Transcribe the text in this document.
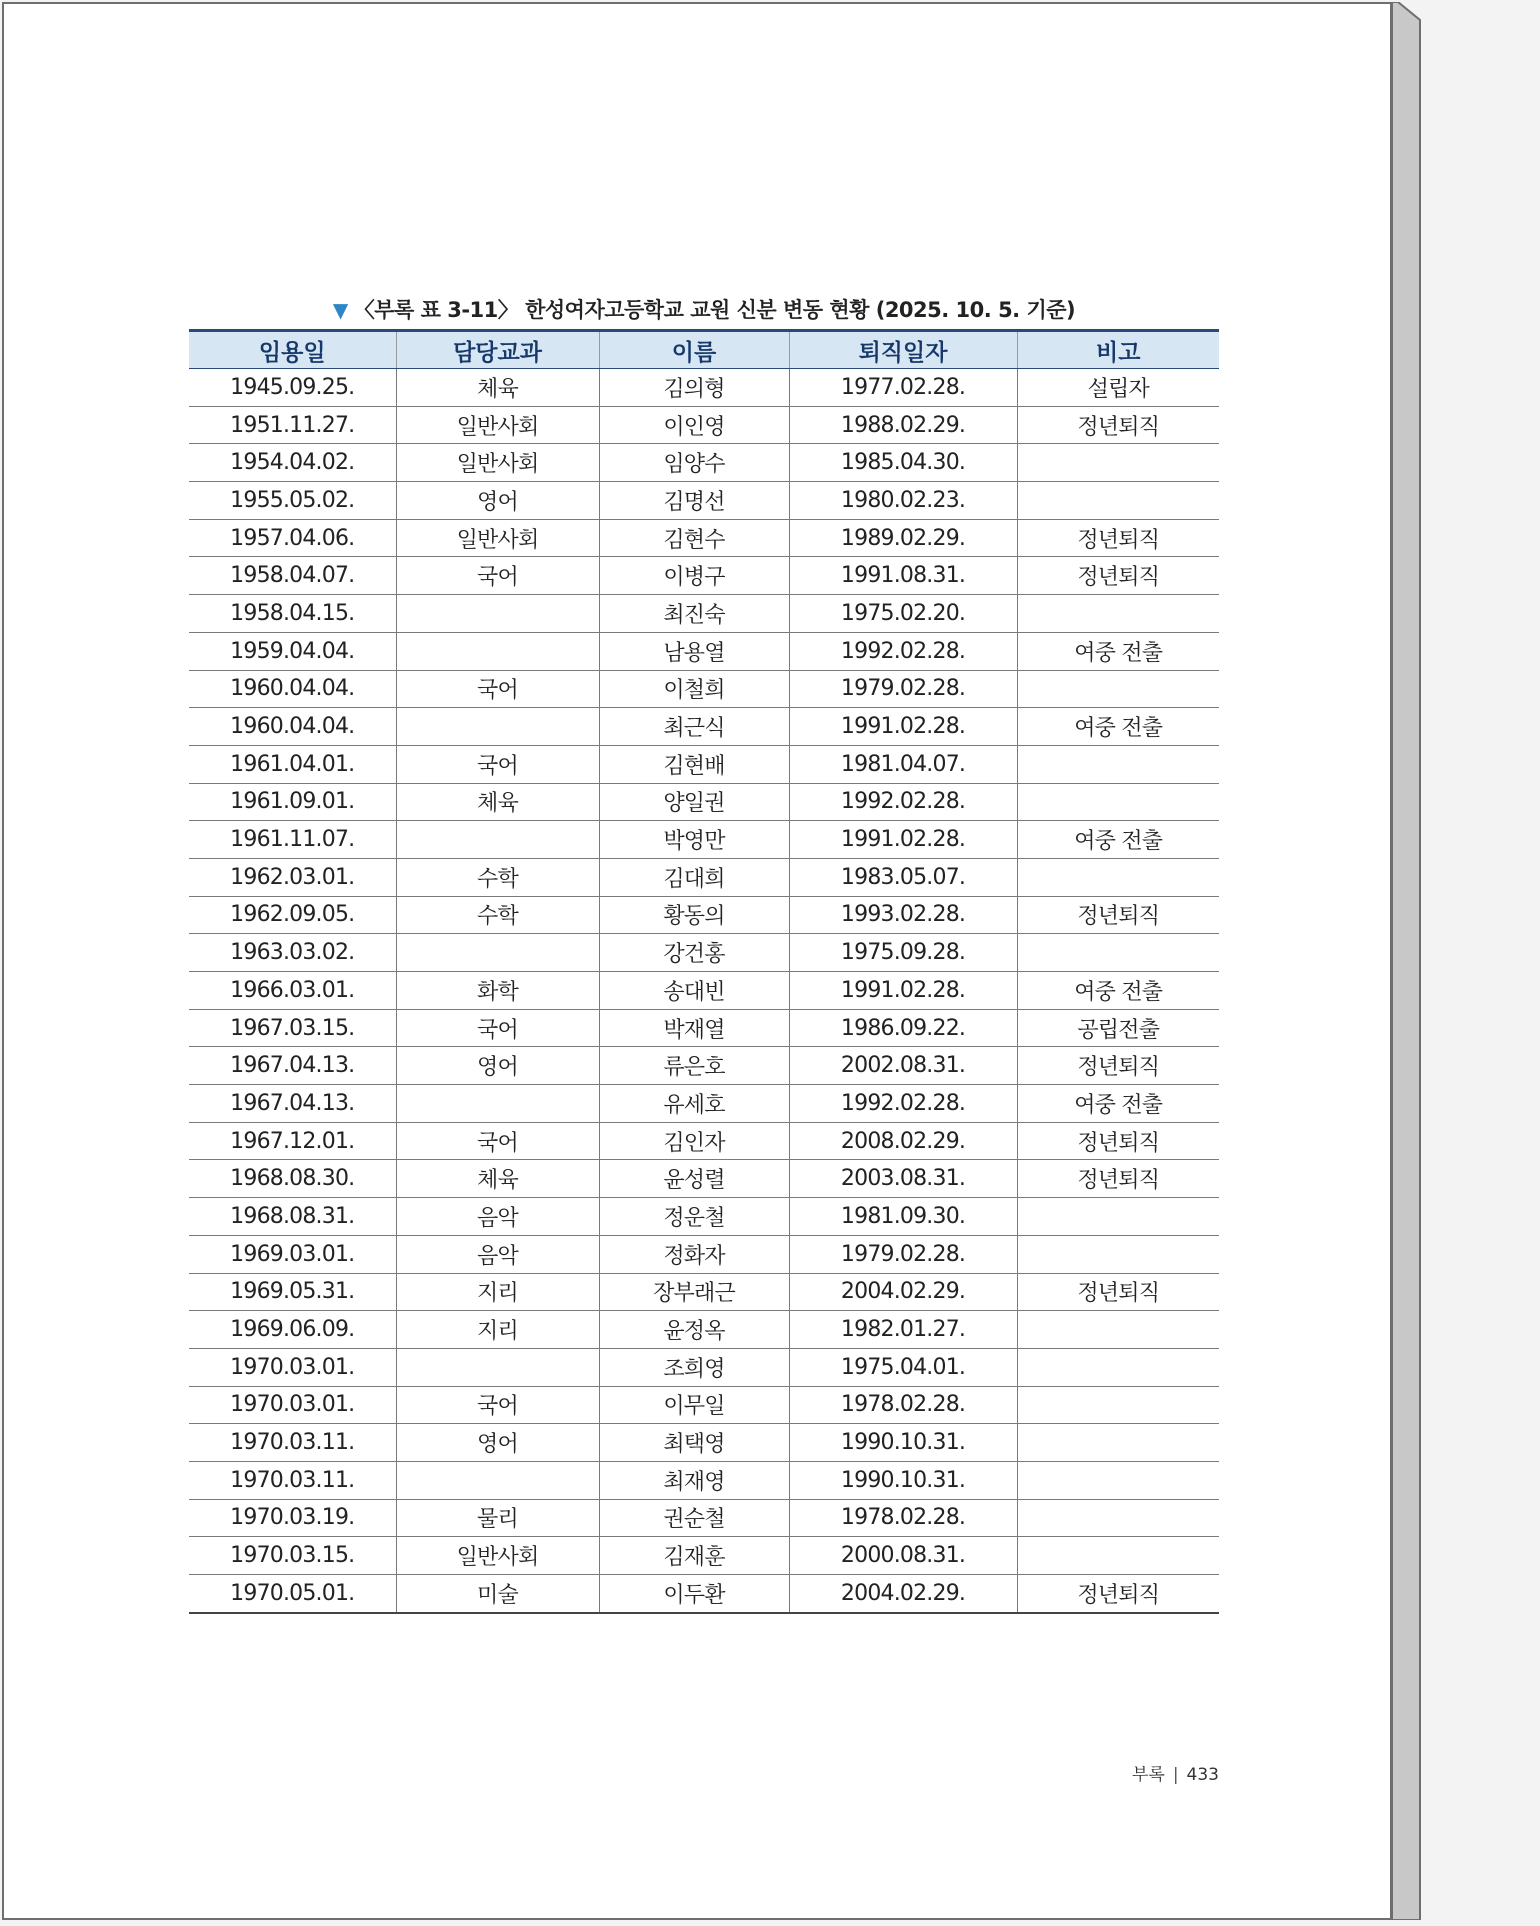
▼ 〈부록 표 3-11〉 한성여자고등학교 교원 신분 변동 현황 (2025. 10. 5. 기준)
임용일	담당교과	이름	퇴직일자	비고
1945.09.25.	체육	김의형	1977.02.28.	설립자
1951.11.27.	일반사회	이인영	1988.02.29.	정년퇴직
1954.04.02.	일반사회	임양수	1985.04.30.	
1955.05.02.	영어	김명선	1980.02.23.	
1957.04.06.	일반사회	김현수	1989.02.29.	정년퇴직
1958.04.07.	국어	이병구	1991.08.31.	정년퇴직
1958.04.15.		최진숙	1975.02.20.	
1959.04.04.		남용열	1992.02.28.	여중 전출
1960.04.04.	국어	이철희	1979.02.28.	
1960.04.04.		최근식	1991.02.28.	여중 전출
1961.04.01.	국어	김현배	1981.04.07.	
1961.09.01.	체육	양일권	1992.02.28.	
1961.11.07.		박영만	1991.02.28.	여중 전출
1962.03.01.	수학	김대희	1983.05.07.	
1962.09.05.	수학	황동의	1993.02.28.	정년퇴직
1963.03.02.		강건홍	1975.09.28.	
1966.03.01.	화학	송대빈	1991.02.28.	여중 전출
1967.03.15.	국어	박재열	1986.09.22.	공립전출
1967.04.13.	영어	류은호	2002.08.31.	정년퇴직
1967.04.13.		유세호	1992.02.28.	여중 전출
1967.12.01.	국어	김인자	2008.02.29.	정년퇴직
1968.08.30.	체육	윤성렬	2003.08.31.	정년퇴직
1968.08.31.	음악	정운철	1981.09.30.	
1969.03.01.	음악	정화자	1979.02.28.	
1969.05.31.	지리	장부래근	2004.02.29.	정년퇴직
1969.06.09.	지리	윤정옥	1982.01.27.	
1970.03.01.		조희영	1975.04.01.	
1970.03.01.	국어	이무일	1978.02.28.	
1970.03.11.	영어	최택영	1990.10.31.	
1970.03.11.		최재영	1990.10.31.	
1970.03.19.	물리	권순철	1978.02.28.	
1970.03.15.	일반사회	김재훈	2000.08.31.	
1970.05.01.	미술	이두환	2004.02.29.	정년퇴직
부록 | 433
